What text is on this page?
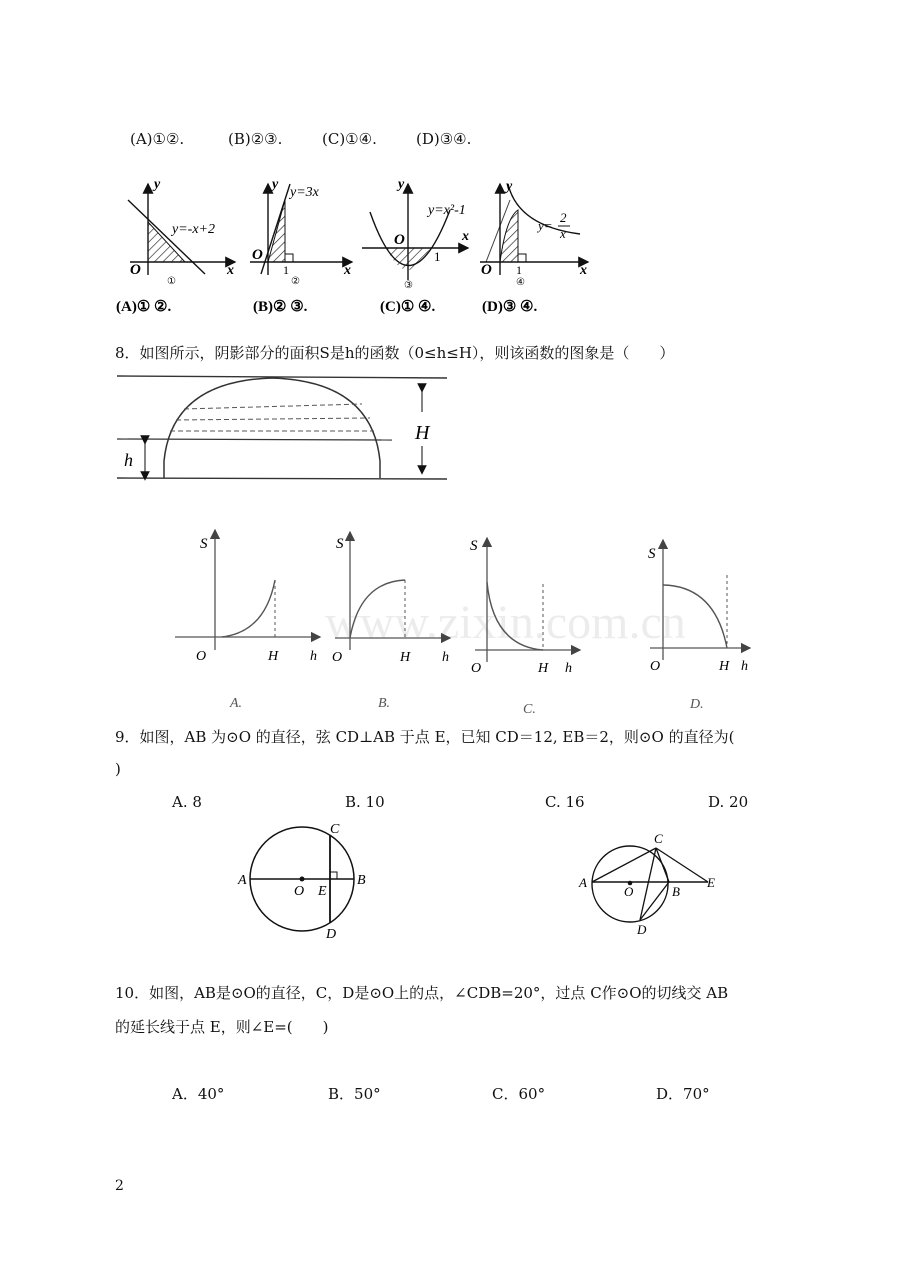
(A)①②.	(B)②③.	(C)①④.	(D)③④.
y
x
O
y=-x+2
①
(A)① ②.
y
y=3x
x
O
1
②
(B)② ③.
y
y=x²-1
x
O
1
③
(C)① ④.
y
y=
2
x
x
O 1
④
(D)③ ④.
8．如图所示，阴影部分的面积S是h的函数（0≤h≤H），则该函数的图象是（　　）
h
H
www.zixin.com.cn
S
O	H h
A.
S
O	H h
B.
S
O	H h
C.
S
O	H h
D.
9．如图，AB 为⊙O 的直径，弦 CD⊥AB 于点 E，已知 CD＝12, EB＝2，则⊙O 的直径为(
)
A. 8	B. 10	C. 16	D. 20
A
O E
B
C
D
A
O	B
C
D
E
10．如图，AB是⊙O的直径，C，D是⊙O上的点，∠CDB=20°，过点 C作⊙O的切线交 AB
的延长线于点 E，则∠E=(　　)
A．40°	B．50°	C．60°	D．70°
2
